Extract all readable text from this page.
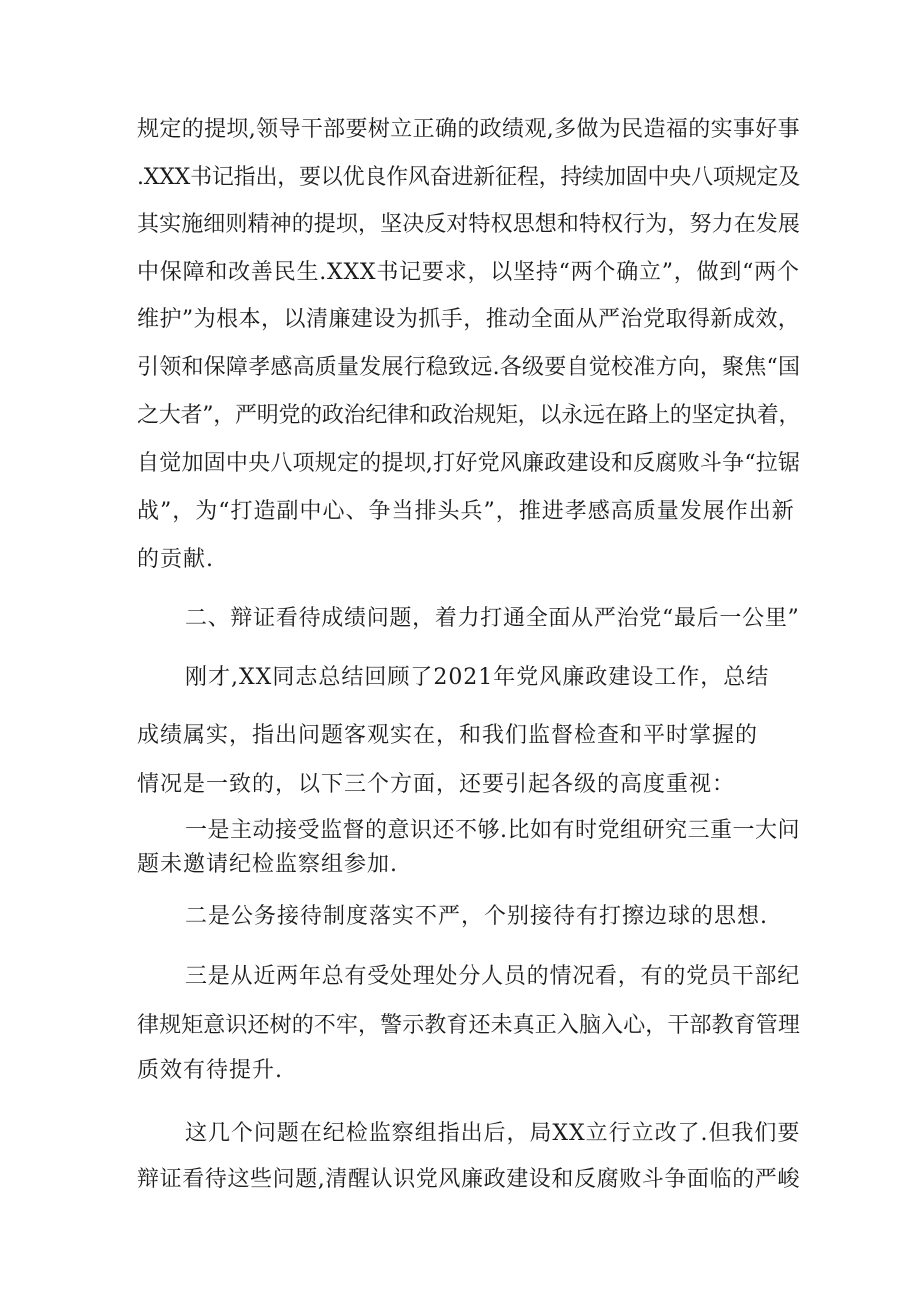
规定的提坝,领导干部要树立正确的政绩观,多做为民造福的实事好事
.XXX书记指出，要以优良作风奋进新征程，持续加固中央八项规定及
其实施细则精神的提坝，坚决反对特权思想和特权行为，努力在发展
中保障和改善民生.XXX书记要求，以坚持“两个确立”，做到“两个
维护”为根本，以清廉建设为抓手，推动全面从严治党取得新成效，
引领和保障孝感高质量发展行稳致远.各级要自觉校准方向，聚焦“国
之大者”，严明党的政治纪律和政治规矩，以永远在路上的坚定执着，
自觉加固中央八项规定的提坝,打好党风廉政建设和反腐败斗争“拉锯
战”，为“打造副中心、争当排头兵”，推进孝感高质量发展作出新
的贡献.
二、辩证看待成绩问题，着力打通全面从严治党“最后一公里”
刚才,XX同志总结回顾了2021年党风廉政建设工作，总结
成绩属实，指出问题客观实在，和我们监督检查和平时掌握的
情况是一致的，以下三个方面，还要引起各级的高度重视：
一是主动接受监督的意识还不够.比如有时党组研究三重一大问
题未邀请纪检监察组参加.
二是公务接待制度落实不严，个别接待有打擦边球的思想.
三是从近两年总有受处理处分人员的情况看，有的党员干部纪
律规矩意识还树的不牢，警示教育还未真正入脑入心，干部教育管理
质效有待提升.
这几个问题在纪检监察组指出后，局XX立行立改了.但我们要
辩证看待这些问题,清醒认识党风廉政建设和反腐败斗争面临的严峻
